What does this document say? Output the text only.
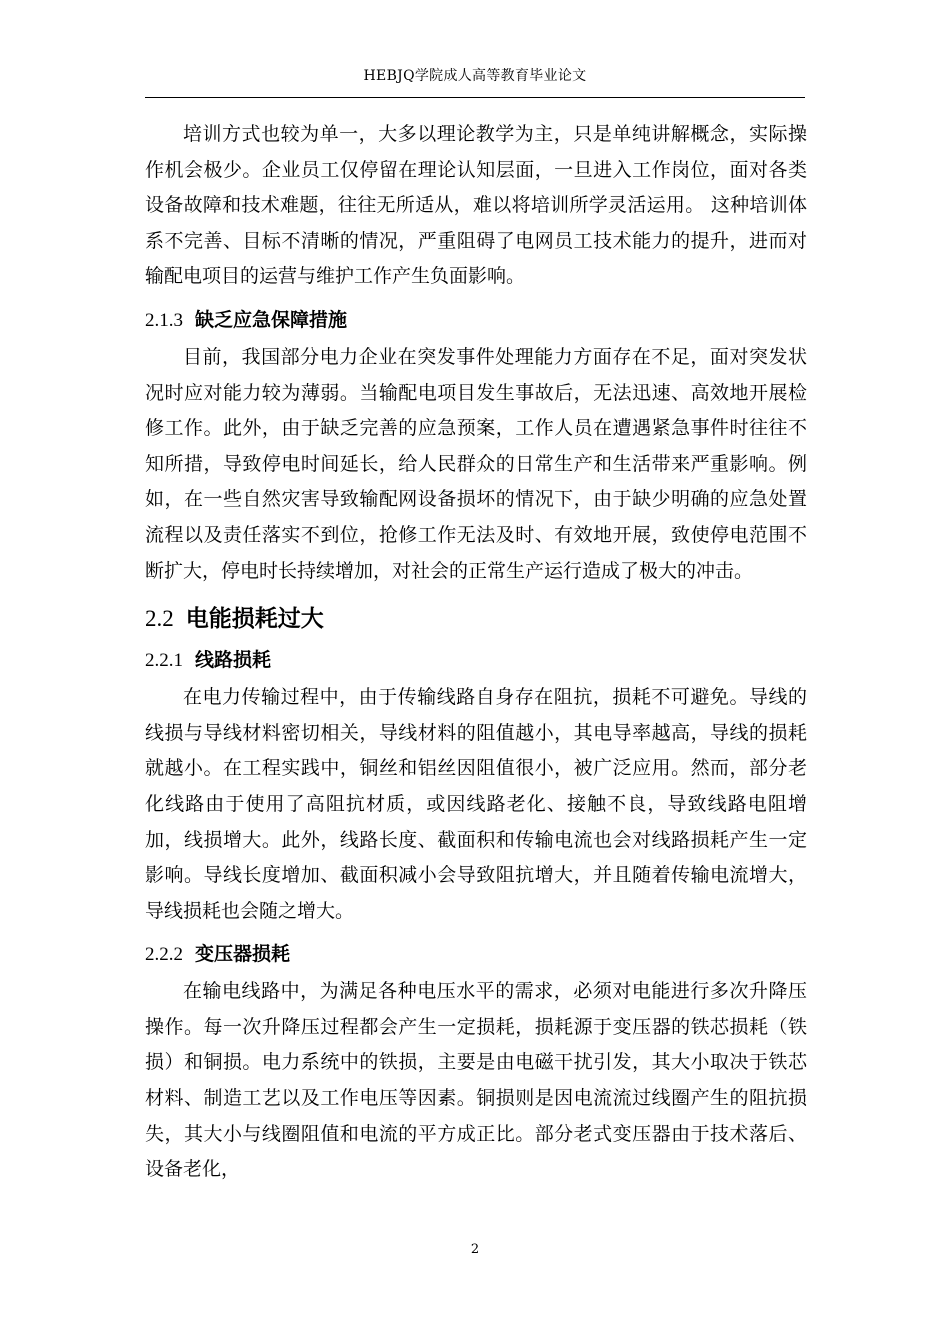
HEBJQ学院成人高等教育毕业论文

培训方式也较为单一，大多以理论教学为主，只是单纯讲解概念，实际操作机会极少。企业员工仅停留在理论认知层面，一旦进入工作岗位，面对各类设备故障和技术难题，往往无所适从，难以将培训所学灵活运用。 这种培训体系不完善、目标不清晰的情况，严重阻碍了电网员工技术能力的提升，进而对输配电项目的运营与维护工作产生负面影响。

2.1.3 缺乏应急保障措施

目前，我国部分电力企业在突发事件处理能力方面存在不足，面对突发状况时应对能力较为薄弱。当输配电项目发生事故后，无法迅速、高效地开展检修工作。此外，由于缺乏完善的应急预案，工作人员在遭遇紧急事件时往往不知所措，导致停电时间延长，给人民群众的日常生产和生活带来严重影响。例如，在一些自然灾害导致输配网设备损坏的情况下，由于缺少明确的应急处置流程以及责任落实不到位，抢修工作无法及时、有效地开展，致使停电范围不断扩大，停电时长持续增加，对社会的正常生产运行造成了极大的冲击。

2.2 电能损耗过大
2.2.1 线路损耗

在电力传输过程中，由于传输线路自身存在阻抗，损耗不可避免。导线的线损与导线材料密切相关，导线材料的阻值越小，其电导率越高，导线的损耗就越小。在工程实践中，铜丝和铝丝因阻值很小，被广泛应用。然而，部分老化线路由于使用了高阻抗材质，或因线路老化、接触不良，导致线路电阻增加，线损增大。此外，线路长度、截面积和传输电流也会对线路损耗产生一定影响。导线长度增加、截面积减小会导致阻抗增大，并且随着传输电流增大，导线损耗也会随之增大。

2.2.2 变压器损耗

在输电线路中，为满足各种电压水平的需求，必须对电能进行多次升降压操作。每一次升降压过程都会产生一定损耗，损耗源于变压器的铁芯损耗（铁损）和铜损。电力系统中的铁损，主要是由电磁干扰引发，其大小取决于铁芯材料、制造工艺以及工作电压等因素。铜损则是因电流流过线圈产生的阻抗损失，其大小与线圈阻值和电流的平方成正比。部分老式变压器由于技术落后、设备老化，

2
